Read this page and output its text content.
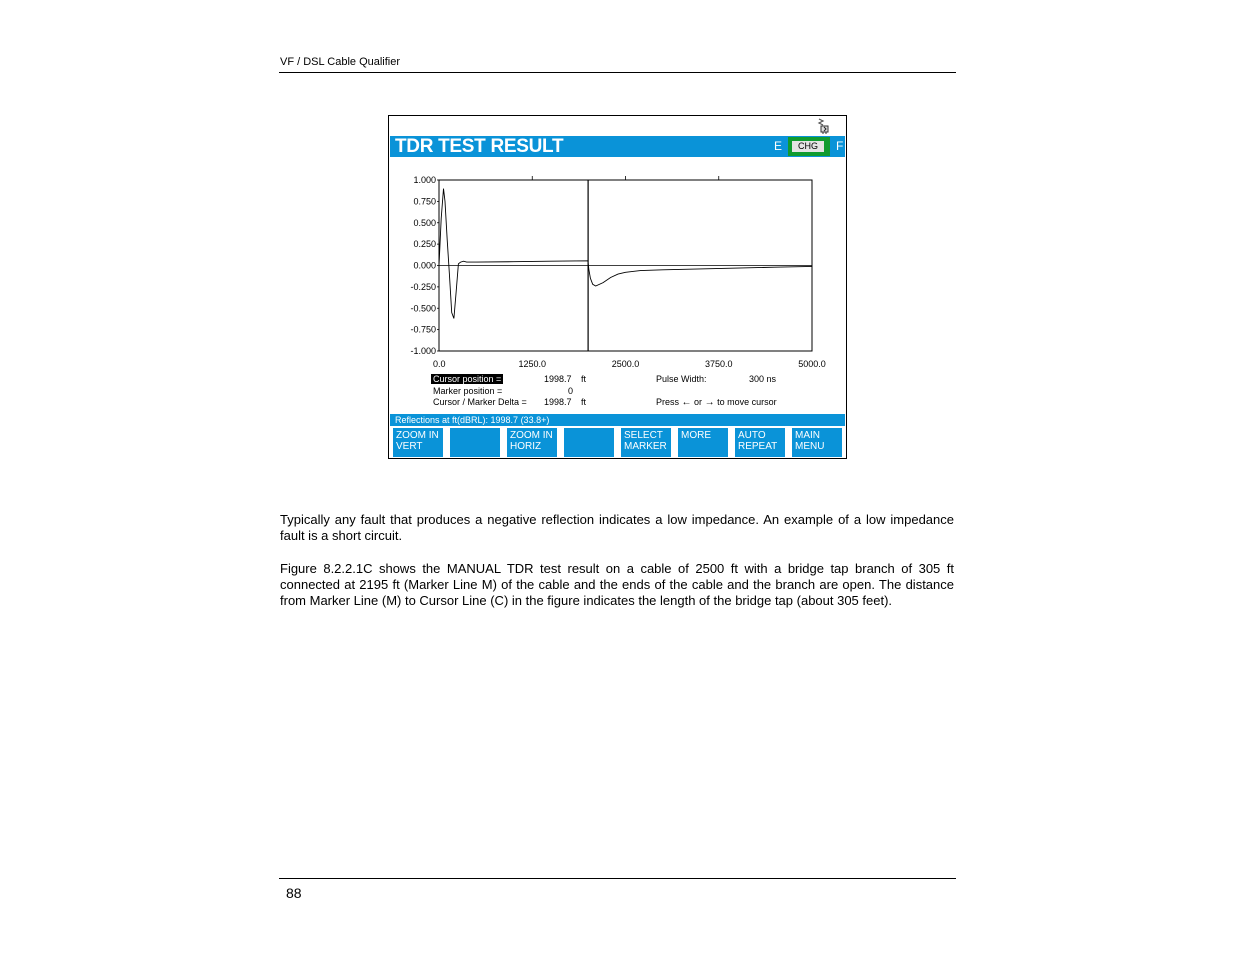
VF / DSL Cable Qualifier
TDR TEST RESULT	E	CHG	F
1.000
0.750
0.500
0.250
0.000
-0.250
-0.500
-0.750
-1.000
0.0	1250.0	2500.0	3750.0	5000.0
Cursor position =	1998.7 ft	Pulse Width:	300 ns
Marker position =	0
Cursor / Marker Delta = 1998.7 ft	Press ← or → to move cursor
Reflections at ft(dBRL): 1998.7 (33.8+)
ZOOM IN
VERT
ZOOM IN
HORIZ
SELECT
MARKER
MORE	AUTO
REPEAT
MAIN
MENU
Typically any fault that produces a negative reflection indicates a low impedance. An example of a low impedance fault is a short circuit.
Figure 8.2.2.1C shows the MANUAL TDR test result on a cable of 2500 ft with a bridge tap branch of 305 ft connected at 2195 ft (Marker Line M) of the cable and the ends of the cable and the branch are open. The distance from Marker Line (M) to Cursor Line (C) in the figure indicates the length of the bridge tap (about 305 feet).
88
